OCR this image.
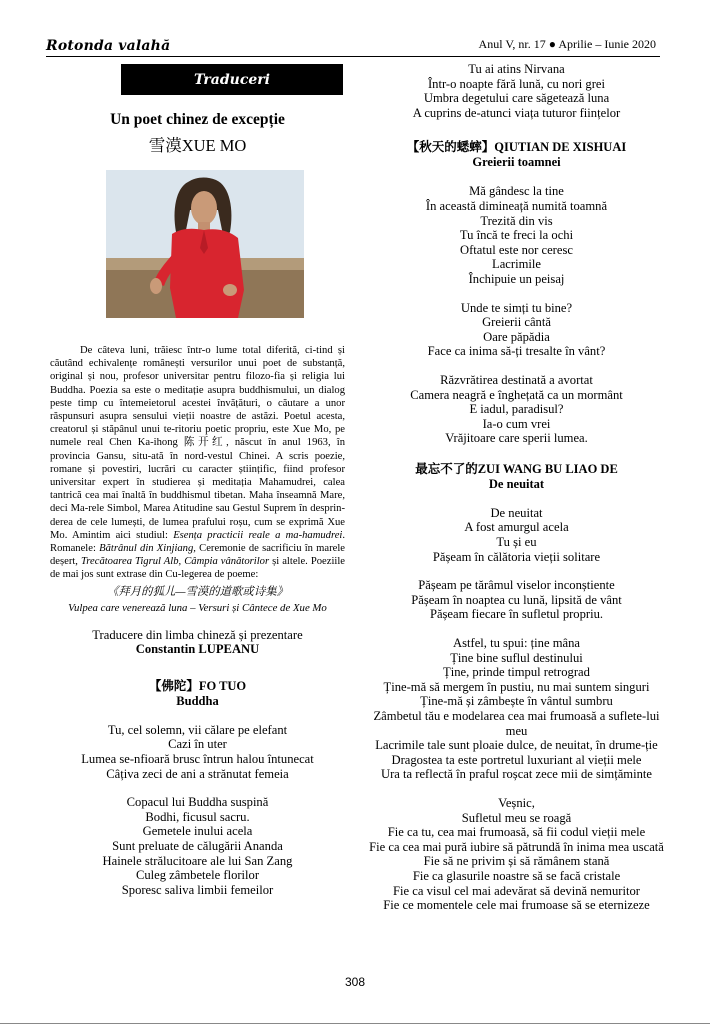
Rotonda valahă	Anul V, nr. 17 ● Aprilie – Iunie 2020
Traduceri
Un poet chinez de excepție
雪漠XUE MO

De câteva luni, trăiesc într-o lume total diferită, ci-tind și căutând echivalențe românești versurilor unui poet de substanță, original și nou, profesor universitar pentru filozo-fia și religia lui Buddha. Poezia sa este o meditație asupra buddhismului, un dialog peste timp cu întemeietorul acestei învățături, o căutare a unor răspunsuri asupra sensului vieții noastre de astăzi. Poetul acesta, creatorul și stăpânul unui te-ritoriu poetic propriu, este Xue Mo, pe numele real Chen Ka-ihong 陈开红, născut în anul 1963, în provincia Gansu, situ-ată în nord-vestul Chinei. A scris poezie, romane și povestiri, lucrări cu caracter științific, fiind profesor universitar expert în studierea și meditația Mahamudrei, calea tantrică cea mai înaltă în buddhismul tibetan. Maha înseamnă Mare, deci Ma-rele Simbol, Marea Atitudine sau Gestul Suprem în desprin-derea de cele lumești, de lumea prafului roșu, cum se exprimă Xue Mo. Amintim aici studiul: Esența practicii reale a ma-hamudrei. Romanele: Bătrânul din Xinjiang, Ceremonie de sacrificiu în marele deșert, Trecătoarea Tigrul Alb, Câmpia vânătorilor și altele. Poeziile de mai jos sunt extrase din Cu-legerea de poeme:

《拜月的狐儿—雪漠的道歌或诗集》
Vulpea care venerează luna – Versuri și Cântece de Xue Mo
Traducere din limba chineză și prezentare
Constantin LUPEANU
【佛陀】FO TUO
Buddha
Tu, cel solemn, vii călare pe elefant
Cazi în uter
Lumea se-nfioară brusc întrun halou întunecat
Câțiva zeci de ani a strănutat femeia
Copacul lui Buddha suspină
Bodhi, ficusul sacru.
Gemetele inului acela
Sunt preluate de călugării Ananda
Hainele strălucitoare ale lui San Zang
Culeg zâmbetele florilor
Sporesc saliva limbii femeilor
Tu ai atins Nirvana
Într-o noapte fără lună, cu nori grei
Umbra degetului care săgetează luna
A cuprins de-atunci viața tuturor ființelor
【秋天的蟋蟀】QIUTIAN DE XISHUAI
Greierii toamnei
Mă gândesc la tine
În această dimineață numită toamnă
Trezită din vis
Tu încă te freci la ochi
Oftatul este nor ceresc
Lacrimile
Închipuie un peisaj
Unde te simți tu bine?
Greierii cântă
Oare păpădia
Face ca inima să-ți tresalte în vânt?
Răzvrătirea destinată a avortat
Camera neagră e înghețată ca un mormânt
E iadul, paradisul?
Ia-o cum vrei
Vrăjitoare care sperii lumea.
最忘不了的ZUI WANG BU LIAO DE
De neuitat
De neuitat
A fost amurgul acela
Tu și eu
Pășeam în călătoria vieții solitare
Pășeam pe tărâmul viselor inconștiente
Pășeam în noaptea cu lună, lipsită de vânt
Pășeam fiecare în sufletul propriu.
Astfel, tu spui: ține mâna
Ține bine suflul destinului
Ține, prinde timpul retrograd
Ține-mă să mergem în pustiu, nu mai suntem singuri
Ține-mă și zâmbește în vântul sumbru
Zâmbetul tău e modelarea cea mai frumoasă a suflete-lui meu
Lacrimile tale sunt ploaie dulce, de neuitat, în drume-ție
Dragostea ta este portretul luxuriant al vieții mele
Ura ta reflectă în praful roșcat zece mii de simțăminte
Veșnic,
Sufletul meu se roagă
Fie ca tu, cea mai frumoasă, să fii codul vieții mele
Fie ca cea mai pură iubire să pătrundă în inima mea uscată
Fie să ne privim și să rămânem stană
Fie ca glasurile noastre să se facă cristale
Fie ca visul cel mai adevărat să devină nemuritor
Fie ce momentele cele mai frumoase să se eternizeze
308
